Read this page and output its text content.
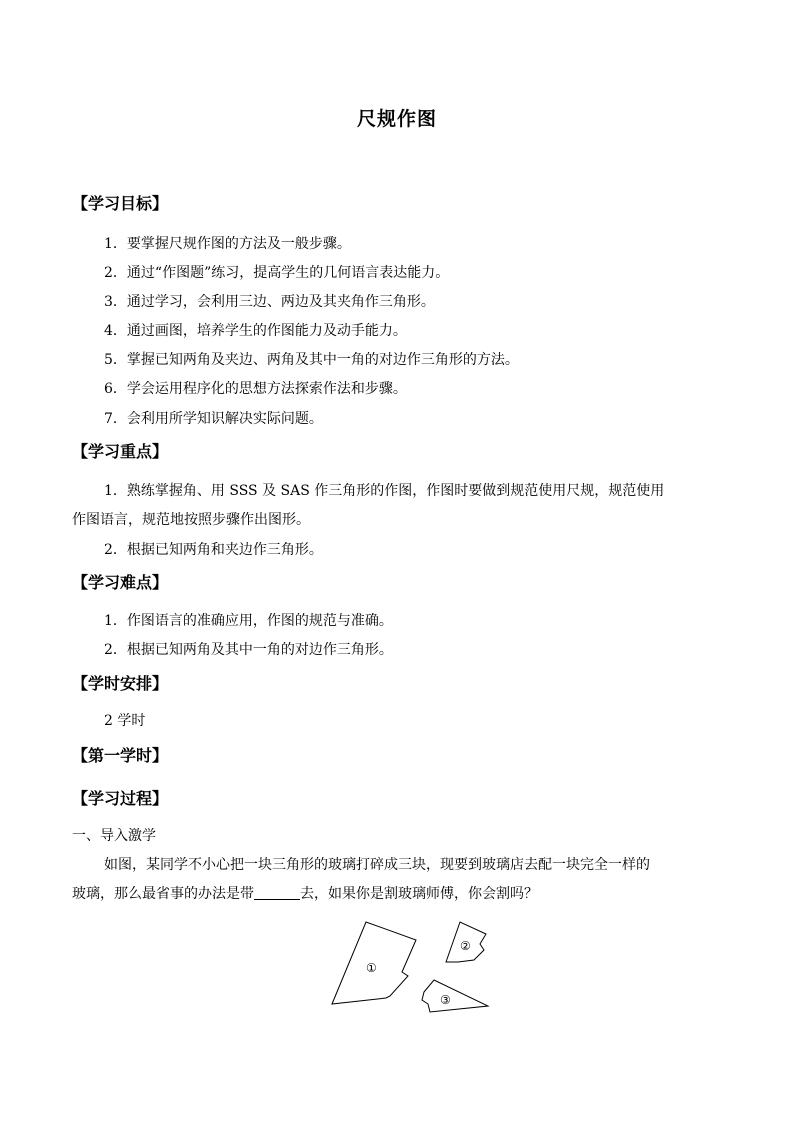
尺规作图
【学习目标】
1．要掌握尺规作图的方法及一般步骤。
2．通过“作图题”练习，提高学生的几何语言表达能力。
3．通过学习，会利用三边、两边及其夹角作三角形。
4．通过画图，培养学生的作图能力及动手能力。
5．掌握已知两角及夹边、两角及其中一角的对边作三角形的方法。
6．学会运用程序化的思想方法探索作法和步骤。
7．会利用所学知识解决实际问题。
【学习重点】
1．熟练掌握角、用 SSS 及 SAS 作三角形的作图，作图时要做到规范使用尺规，规范使用
作图语言，规范地按照步骤作出图形。
2．根据已知两角和夹边作三角形。
【学习难点】
1．作图语言的准确应用，作图的规范与准确。
2．根据已知两角及其中一角的对边作三角形。
【学时安排】
2 学时
【第一学时】
【学习过程】
一、导入激学
如图，某同学不小心把一块三角形的玻璃打碎成三块，现要到玻璃店去配一块完全一样的
玻璃，那么最省事的办法是带	去，如果你是割玻璃师傅，你会割吗？
①
②
③
